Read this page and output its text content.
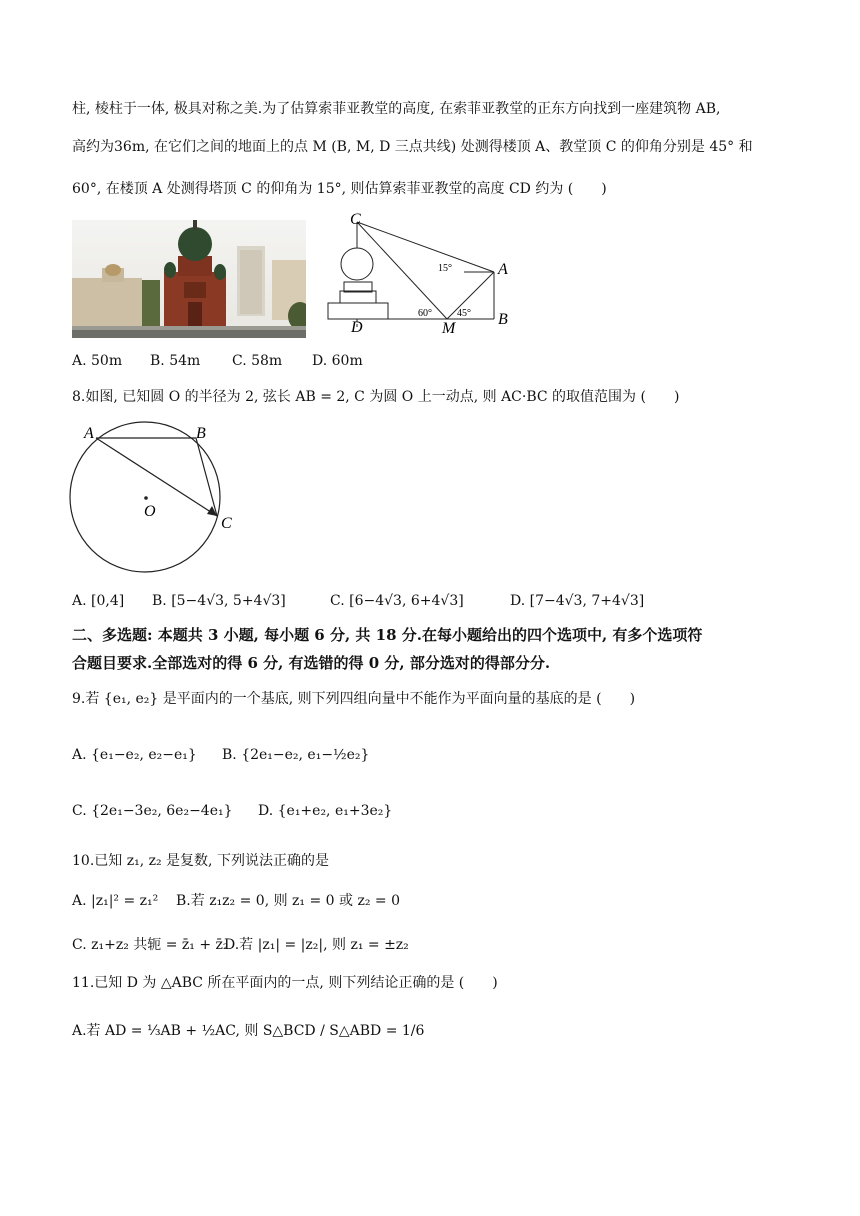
柱, 棱柱于一体, 极具对称之美.为了估算索菲亚教堂的高度, 在索菲亚教堂的正东方向找到一座建筑物 AB,
高约为36m, 在它们之间的地面上的点 M (B, M, D 三点共线) 处测得楼顶 A、教堂顶 C 的仰角分别是 45° 和
60°, 在楼顶 A 处测得塔顶 C 的仰角为 15°, 则估算索菲亚教堂的高度 CD 约为 (　　)
C
A
B
D	M
15°
60°	45°
A. 50m B. 54m C. 58m D. 60m
8.如图, 已知圆 O 的半径为 2, 弦长 AB = 2, C 为圆 O 上一动点, 则 AC·BC 的取值范围为 (　　)
A	B
C
O
A. [0,4] B. [5−4√3, 5+4√3]	C. [6−4√3, 6+4√3]	D. [7−4√3, 7+4√3]
二、多选题: 本题共 3 小题, 每小题 6 分, 共 18 分.在每小题给出的四个选项中, 有多个选项符
合题目要求.全部选对的得 6 分, 有选错的得 0 分, 部分选对的得部分分.
9.若 {e₁, e₂} 是平面内的一个基底, 则下列四组向量中不能作为平面向量的基底的是 (　　)
A. {e₁−e₂, e₂−e₁} B. {2e₁−e₂, e₁−½e₂}
C. {2e₁−3e₂, 6e₂−4e₁} D. {e₁+e₂, e₁+3e₂}
10.已知 z₁, z₂ 是复数, 下列说法正确的是
A. |z₁|² = z₁² B.若 z₁z₂ = 0, 则 z₁ = 0 或 z₂ = 0
C. z₁+z₂ 共轭 = z̄₁ + z̄₂
D.若 |z₁| = |z₂|, 则 z₁ = ±z₂
11.已知 D 为 △ABC 所在平面内的一点, 则下列结论正确的是 (　　)
A.若 AD = ⅓AB + ½AC, 则 S△BCD / S△ABD = 1/6
